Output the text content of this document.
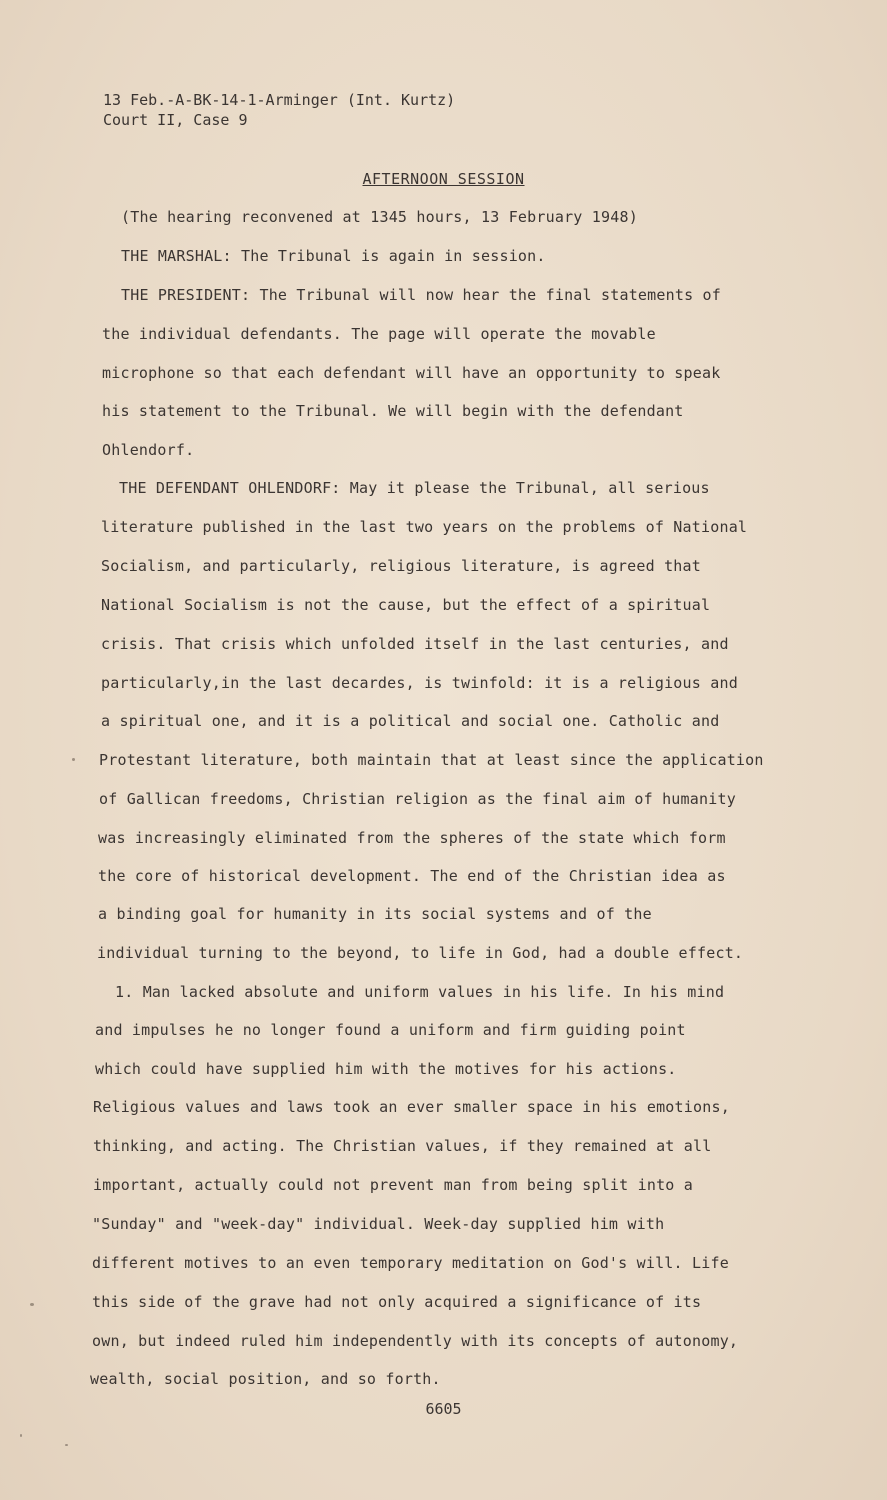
13 Feb.-A-BK-14-1-Arminger (Int. Kurtz)
Court II, Case 9
AFTERNOON SESSION
(The hearing reconvened at 1345 hours, 13 February 1948)
THE MARSHAL: The Tribunal is again in session.
THE PRESIDENT: The Tribunal will now hear the final statements of
the individual defendants. The page will operate the movable
microphone so that each defendant will have an opportunity to speak
his statement to the Tribunal. We will begin with the defendant
Ohlendorf.
THE DEFENDANT OHLENDORF: May it please the Tribunal, all serious
literature published in the last two years on the problems of National
Socialism, and particularly, religious literature, is agreed that
National Socialism is not the cause, but the effect of a spiritual
crisis. That crisis which unfolded itself in the last centuries, and
particularly,in the last decardes, is twinfold: it is a religious and
a spiritual one, and it is a political and social one. Catholic and
Protestant literature, both maintain that at least since the application
of Gallican freedoms, Christian religion as the final aim of humanity
was increasingly eliminated from the spheres of the state which form
the core of historical development. The end of the Christian idea as
a binding goal for humanity in its social systems and of the
individual turning to the beyond, to life in God, had a double effect.
1. Man lacked absolute and uniform values in his life. In his mind
and impulses he no longer found a uniform and firm guiding point
which could have supplied him with the motives for his actions.
Religious values and laws took an ever smaller space in his emotions,
thinking, and acting. The Christian values, if they remained at all
important, actually could not prevent man from being split into a
"Sunday" and "week-day" individual. Week-day supplied him with
different motives to an even temporary meditation on God's will. Life
this side of the grave had not only acquired a significance of its
own, but indeed ruled him independently with its concepts of autonomy,
wealth, social position, and so forth.
6605
